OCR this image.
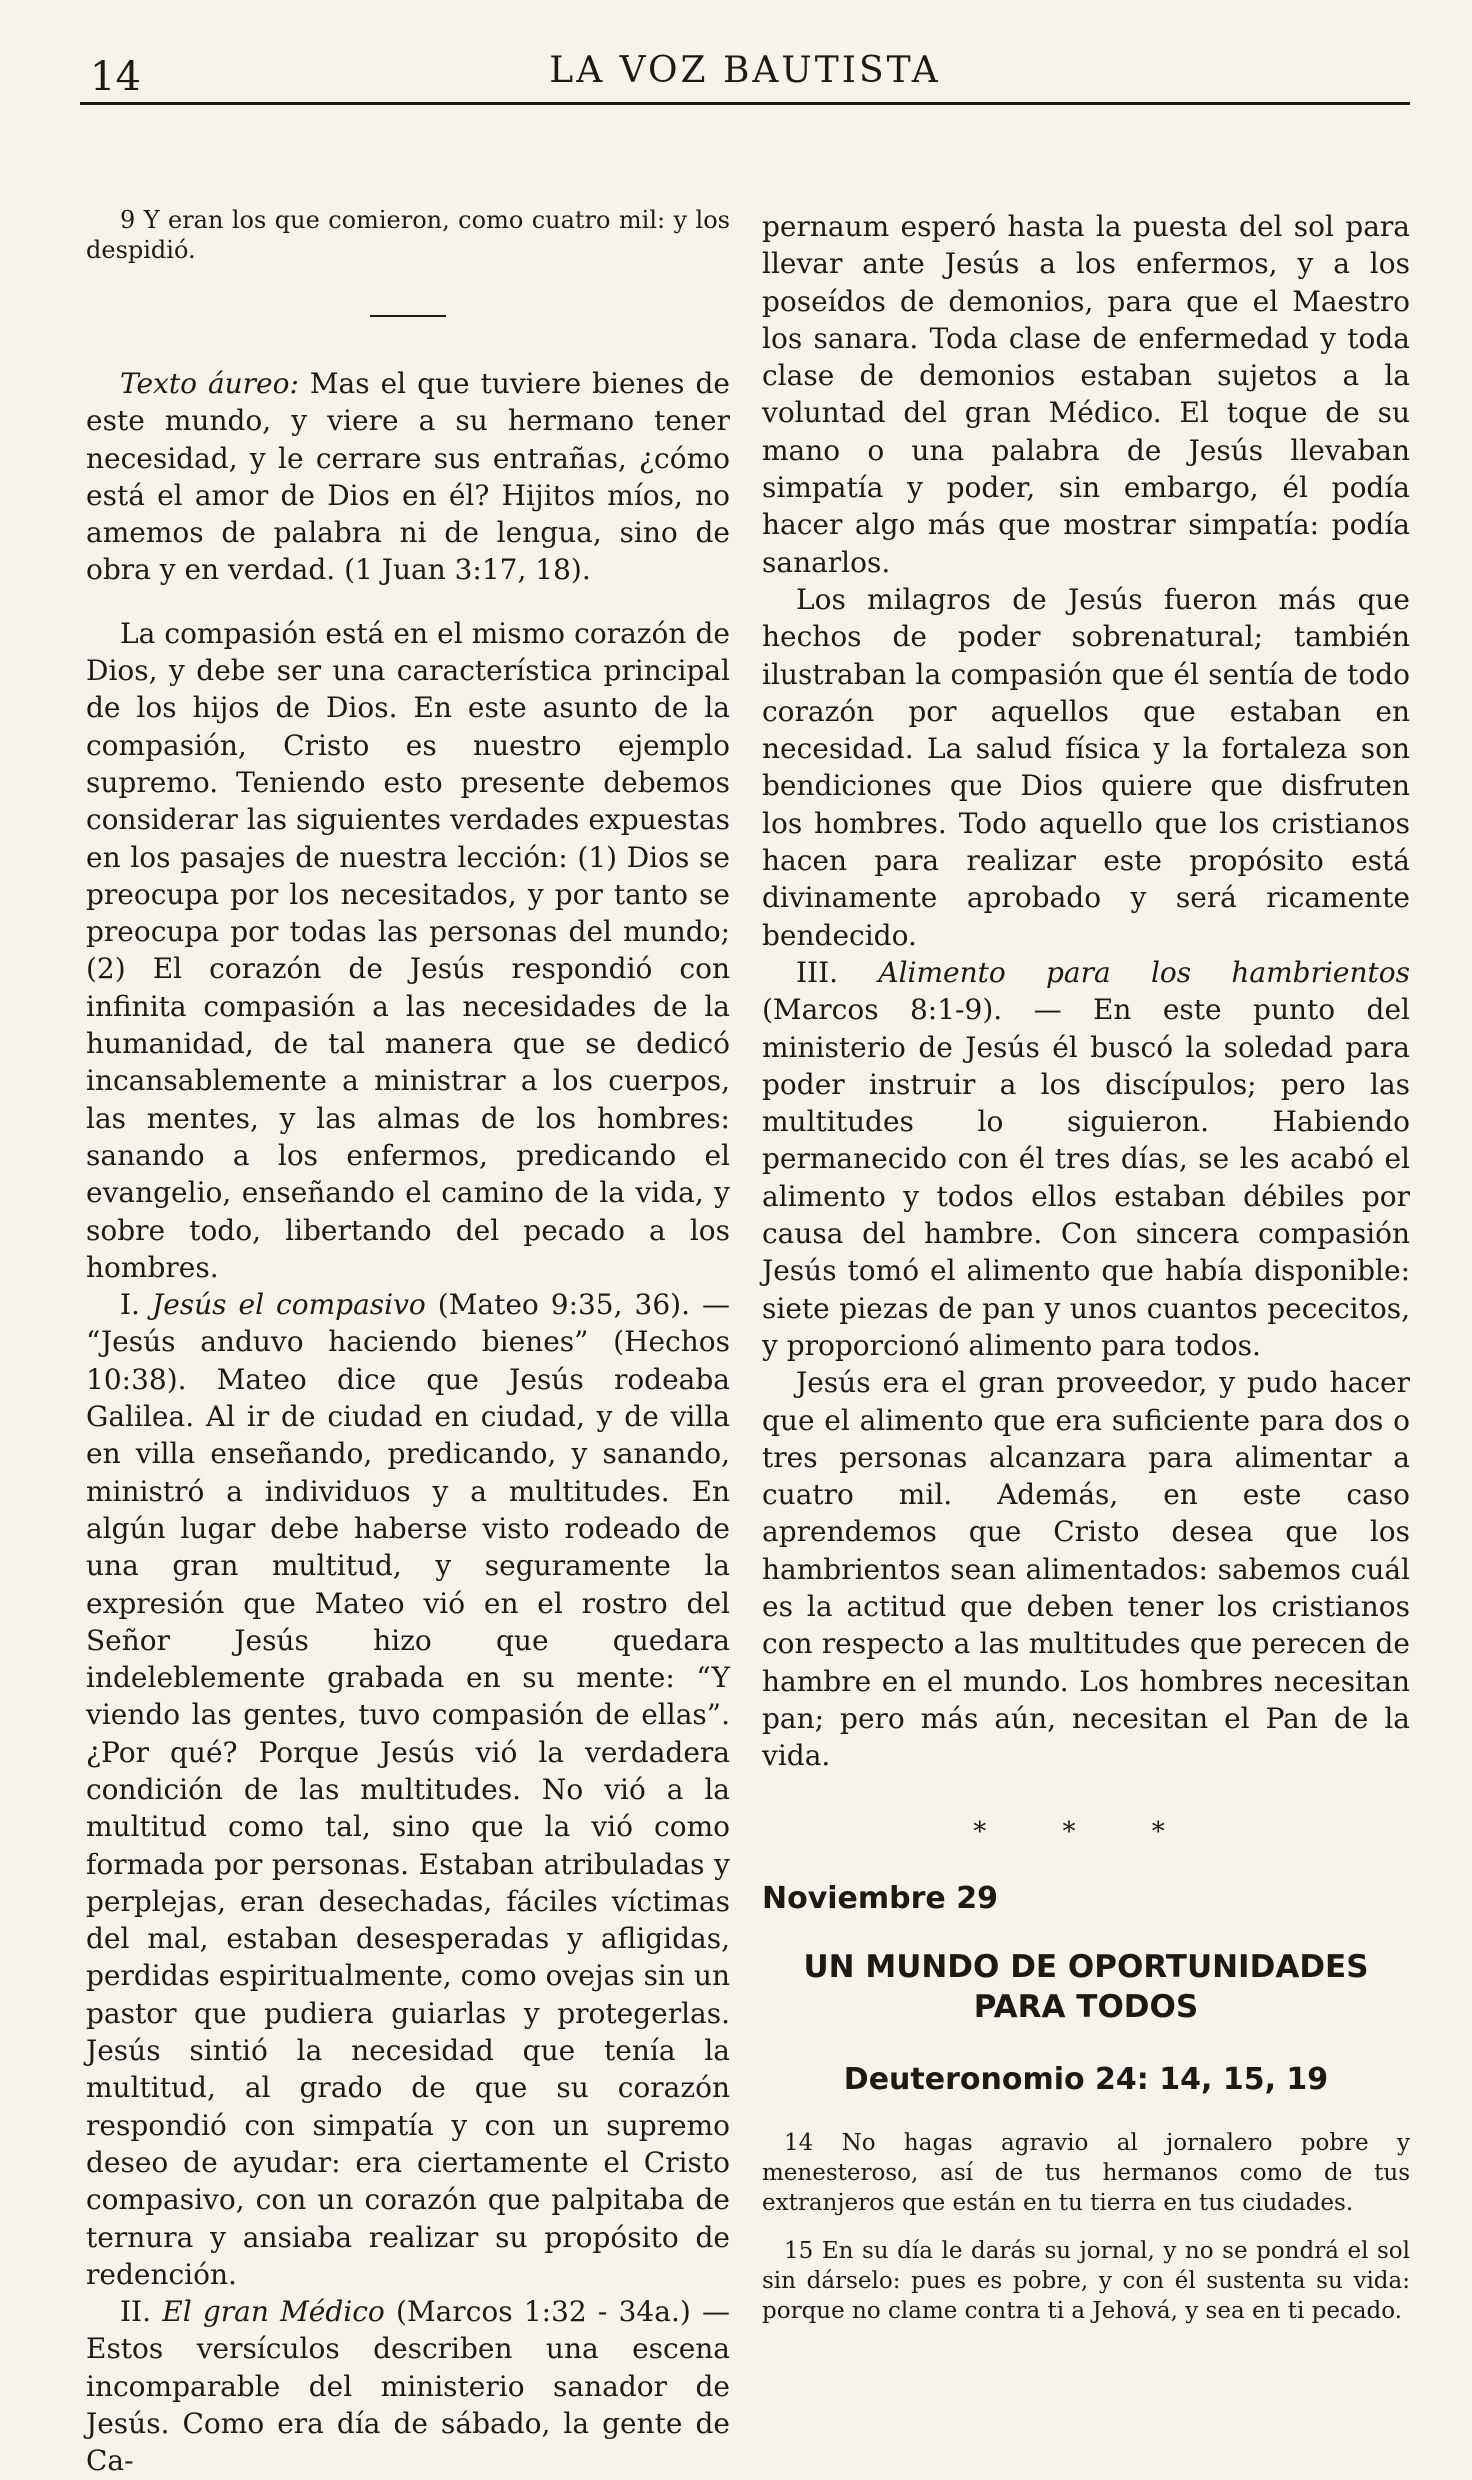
14	LA VOZ BAUTISTA

9 Y eran los que comieron, como cuatro mil: y los despidió.

Texto áureo: Mas el que tuviere bienes de este mundo, y viere a su hermano tener necesidad, y le cerrare sus entrañas, ¿cómo está el amor de Dios en él? Hijitos míos, no amemos de palabra ni de lengua, sino de obra y en verdad. (1 Juan 3:17, 18).

La compasión está en el mismo corazón de Dios, y debe ser una característica principal de los hijos de Dios. En este asunto de la compasión, Cristo es nuestro ejemplo supremo. Teniendo esto presente debemos considerar las siguientes verdades expuestas en los pasajes de nuestra lección: (1) Dios se preocupa por los necesitados, y por tanto se preocupa por todas las personas del mundo; (2) El corazón de Jesús respondió con infinita compasión a las necesidades de la humanidad, de tal manera que se dedicó incansablemente a ministrar a los cuerpos, las mentes, y las almas de los hombres: sanando a los enfermos, predicando el evangelio, enseñando el camino de la vida, y sobre todo, libertando del pecado a los hombres.

I. Jesús el compasivo (Mateo 9:35, 36). — “Jesús anduvo haciendo bienes” (Hechos 10:38). Mateo dice que Jesús rodeaba Galilea. Al ir de ciudad en ciudad, y de villa en villa enseñando, predicando, y sanando, ministró a individuos y a multitudes. En algún lugar debe haberse visto rodeado de una gran multitud, y seguramente la expresión que Mateo vió en el rostro del Señor Jesús hizo que quedara indeleblemente grabada en su mente: “Y viendo las gentes, tuvo compasión de ellas”. ¿Por qué? Porque Jesús vió la verdadera condición de las multitudes. No vió a la multitud como tal, sino que la vió como formada por personas. Estaban atribuladas y perplejas, eran desechadas, fáciles víctimas del mal, estaban desesperadas y afligidas, perdidas espiritualmente, como ovejas sin un pastor que pudiera guiarlas y protegerlas. Jesús sintió la necesidad que tenía la multitud, al grado de que su corazón respondió con simpatía y con un supremo deseo de ayudar: era ciertamente el Cristo compasivo, con un corazón que palpitaba de ternura y ansiaba realizar su propósito de redención.

II. El gran Médico (Marcos 1:32 - 34a.) — Estos versículos describen una escena incomparable del ministerio sanador de Jesús. Como era día de sábado, la gente de Ca-

pernaum esperó hasta la puesta del sol para llevar ante Jesús a los enfermos, y a los poseídos de demonios, para que el Maestro los sanara. Toda clase de enfermedad y toda clase de demonios estaban sujetos a la voluntad del gran Médico. El toque de su mano o una palabra de Jesús llevaban simpatía y poder, sin embargo, él podía hacer algo más que mostrar simpatía: podía sanarlos.

Los milagros de Jesús fueron más que hechos de poder sobrenatural; también ilustraban la compasión que él sentía de todo corazón por aquellos que estaban en necesidad. La salud física y la fortaleza son bendiciones que Dios quiere que disfruten los hombres. Todo aquello que los cristianos hacen para realizar este propósito está divinamente aprobado y será ricamente bendecido.

III. Alimento para los hambrientos (Marcos 8:1-9). — En este punto del ministerio de Jesús él buscó la soledad para poder instruir a los discípulos; pero las multitudes lo siguieron. Habiendo permanecido con él tres días, se les acabó el alimento y todos ellos estaban débiles por causa del hambre. Con sincera compasión Jesús tomó el alimento que había disponible: siete piezas de pan y unos cuantos pececitos, y proporcionó alimento para todos.

Jesús era el gran proveedor, y pudo hacer que el alimento que era suficiente para dos o tres personas alcanzara para alimentar a cuatro mil. Además, en este caso aprendemos que Cristo desea que los hambrientos sean alimentados: sabemos cuál es la actitud que deben tener los cristianos con respecto a las multitudes que perecen de hambre en el mundo. Los hombres necesitan pan; pero más aún, necesitan el Pan de la vida.

* * *
Noviembre 29
UN MUNDO DE OPORTUNIDADES PARA TODOS
Deuteronomio 24: 14, 15, 19

14 No hagas agravio al jornalero pobre y menesteroso, así de tus hermanos como de tus extranjeros que están en tu tierra en tus ciudades.

15 En su día le darás su jornal, y no se pondrá el sol sin dárselo: pues es pobre, y con él sustenta su vida: porque no clame contra ti a Jehová, y sea en ti pecado.
